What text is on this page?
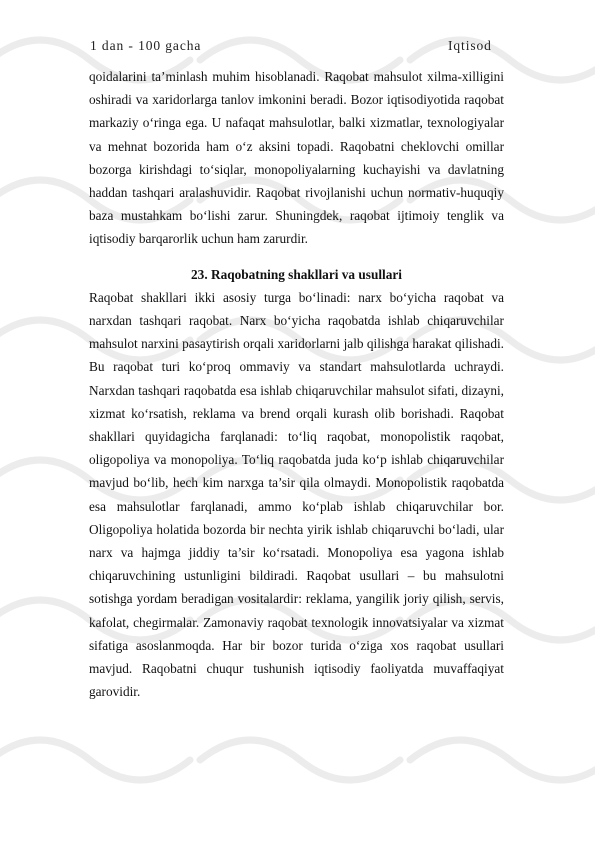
1 dan - 100 gacha	Iqtisod

qoidalarini ta’minlash muhim hisoblanadi. Raqobat mahsulot xilma-xilligini oshiradi va xaridorlarga tanlov imkonini beradi. Bozor iqtisodiyotida raqobat markaziy o‘ringa ega. U nafaqat mahsulotlar, balki xizmatlar, texnologiyalar va mehnat bozorida ham o‘z aksini topadi. Raqobatni cheklovchi omillar bozorga kirishdagi to‘siqlar, monopoliyalarning kuchayishi va davlatning haddan tashqari aralashuvidir. Raqobat rivojlanishi uchun normativ-huquqiy baza mustahkam bo‘lishi zarur. Shuningdek, raqobat ijtimoiy tenglik va iqtisodiy barqarorlik uchun ham zarurdir.

23. Raqobatning shakllari va usullari

Raqobat shakllari ikki asosiy turga bo‘linadi: narx bo‘yicha raqobat va narxdan tashqari raqobat. Narx bo‘yicha raqobatda ishlab chiqaruvchilar mahsulot narxini pasaytirish orqali xaridorlarni jalb qilishga harakat qilishadi. Bu raqobat turi ko‘proq ommaviy va standart mahsulotlarda uchraydi. Narxdan tashqari raqobatda esa ishlab chiqaruvchilar mahsulot sifati, dizayni, xizmat ko‘rsatish, reklama va brend orqali kurash olib borishadi. Raqobat shakllari quyidagicha farqlanadi: to‘liq raqobat, monopolistik raqobat, oligopoliya va monopoliya. To‘liq raqobatda juda ko‘p ishlab chiqaruvchilar mavjud bo‘lib, hech kim narxga ta’sir qila olmaydi. Monopolistik raqobatda esa mahsulotlar farqlanadi, ammo ko‘plab ishlab chiqaruvchilar bor. Oligopoliya holatida bozorda bir nechta yirik ishlab chiqaruvchi bo‘ladi, ular narx va hajmga jiddiy ta’sir ko‘rsatadi. Monopoliya esa yagona ishlab chiqaruvchining ustunligini bildiradi. Raqobat usullari – bu mahsulotni sotishga yordam beradigan vositalardir: reklama, yangilik joriy qilish, servis, kafolat, chegirmalar. Zamonaviy raqobat texnologik innovatsiyalar va xizmat sifatiga asoslanmoqda. Har bir bozor turida o‘ziga xos raqobat usullari mavjud. Raqobatni chuqur tushunish iqtisodiy faoliyatda muvaffaqiyat garovidir.
